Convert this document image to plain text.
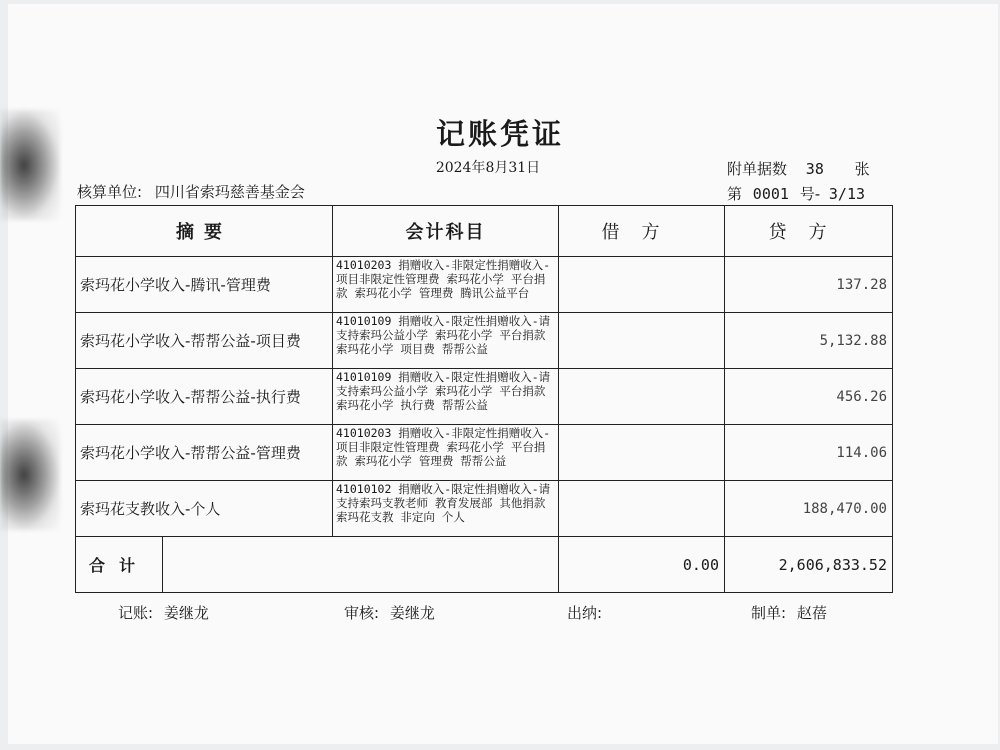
记账凭证
2024年8月31日
核算单位: 四川省索玛慈善基金会
附单据数 38 张
第 0001 号- 3/13
摘要		会计科目	借方	贷方
索玛花小学收入-腾讯-管理费		41010203 捐赠收入-非限定性捐赠收入-项目非限定性管理费 索玛花小学 平台捐款 索玛花小学 管理费 腾讯公益平台		137.28
索玛花小学收入-帮帮公益-项目费		41010109 捐赠收入-限定性捐赠收入-请支持索玛公益小学 索玛花小学 平台捐款 索玛花小学 项目费 帮帮公益		5,132.88
索玛花小学收入-帮帮公益-执行费		41010109 捐赠收入-限定性捐赠收入-请支持索玛公益小学 索玛花小学 平台捐款 索玛花小学 执行费 帮帮公益		456.26
索玛花小学收入-帮帮公益-管理费		41010203 捐赠收入-非限定性捐赠收入-项目非限定性管理费 索玛花小学 平台捐款 索玛花小学 管理费 帮帮公益		114.06
索玛花支教收入-个人		41010102 捐赠收入-限定性捐赠收入-请支持索玛支教老师 教育发展部 其他捐款 索玛花支教 非定向 个人		188,470.00
合计			0.00	2,606,833.52
记账: 姜继龙	审核: 姜继龙	出纳:	制单: 赵蓓
